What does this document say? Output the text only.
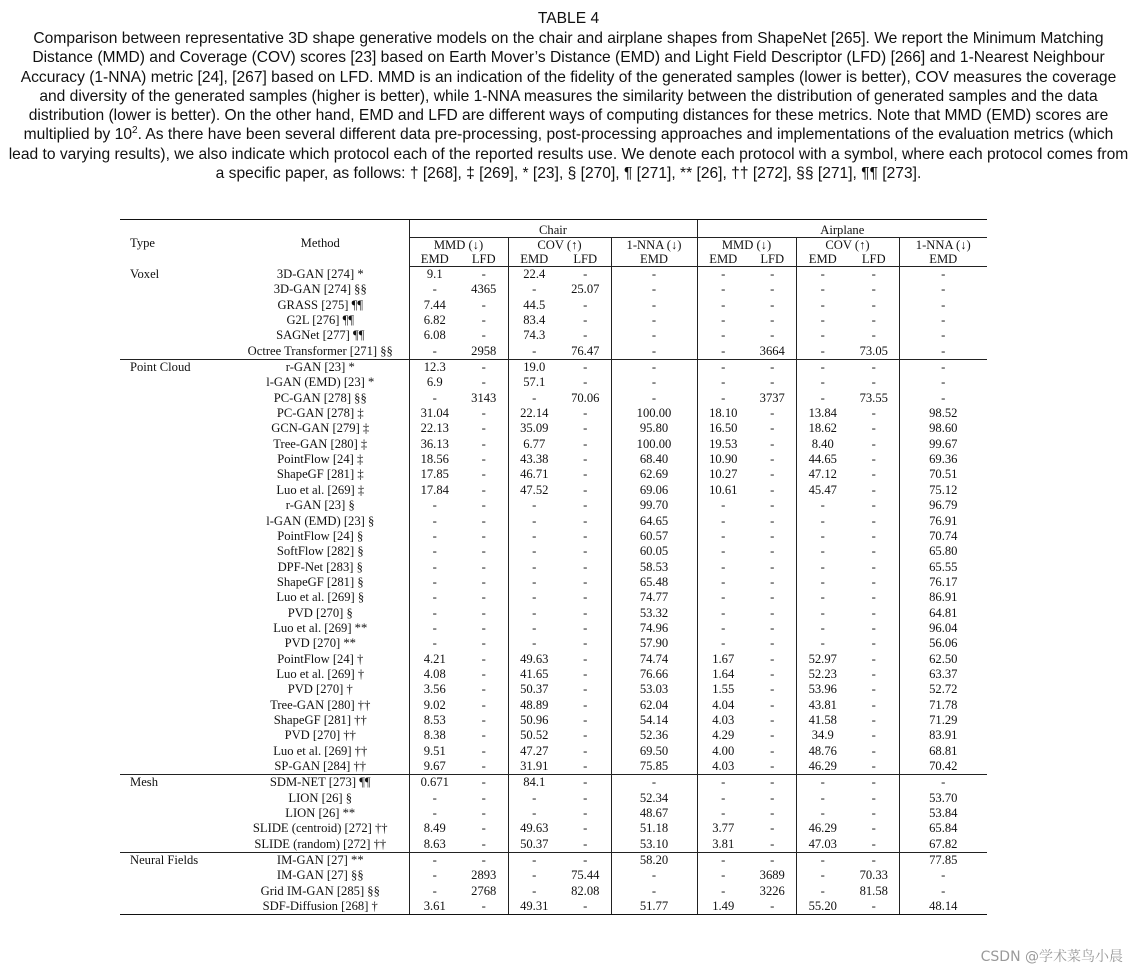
TABLE 4
Comparison between representative 3D shape generative models on the chair and airplane shapes from ShapeNet [265]. We report the Minimum Matching Distance (MMD) and Coverage (COV) scores [23] based on Earth Mover’s Distance (EMD) and Light Field Descriptor (LFD) [266] and 1-Nearest Neighbour Accuracy (1-NNA) metric [24], [267] based on LFD. MMD is an indication of the fidelity of the generated samples (lower is better), COV measures the coverage and diversity of the generated samples (higher is better), while 1-NNA measures the similarity between the distribution of generated samples and the data distribution (lower is better). On the other hand, EMD and LFD are different ways of computing distances for these metrics. Note that MMD (EMD) scores are multiplied by $10^2$. As there have been several different data pre-processing, post-processing approaches and implementations of the evaluation metrics (which lead to varying results), we also indicate which protocol each of the reported results use. We denote each protocol with a symbol, where each protocol comes from a specific paper, as follows: † [268], ‡ [269], * [23], § [270], ¶ [271], ** [26], †† [272], §§ [271], ¶¶ [273].
Type	Method	Chair					Airplane				
		MMD (↓)		COV (↑)		1-NNA (↓)	MMD (↓)		COV (↑)		1-NNA (↓)
		EMD	LFD	EMD	LFD	EMD	EMD	LFD	EMD	LFD	EMD
Voxel	3D-GAN [274] *	9.1	-	22.4	-	-	-	-	-	-	-
	3D-GAN [274] §§	-	4365	-	25.07	-	-	-	-	-	-
	GRASS [275] ¶¶	7.44	-	44.5	-	-	-	-	-	-	-
	G2L [276] ¶¶	6.82	-	83.4	-	-	-	-	-	-	-
	SAGNet [277] ¶¶	6.08	-	74.3	-	-	-	-	-	-	-
	Octree Transformer [271] §§	-	2958	-	76.47	-	-	3664	-	73.05	-
Point Cloud	r-GAN [23] *	12.3	-	19.0	-	-	-	-	-	-	-
	l-GAN (EMD) [23] *	6.9	-	57.1	-	-	-	-	-	-	-
	PC-GAN [278] §§	-	3143	-	70.06	-	-	3737	-	73.55	-
	PC-GAN [278] ‡	31.04	-	22.14	-	100.00	18.10	-	13.84	-	98.52
	GCN-GAN [279] ‡	22.13	-	35.09	-	95.80	16.50	-	18.62	-	98.60
	Tree-GAN [280] ‡	36.13	-	6.77	-	100.00	19.53	-	8.40	-	99.67
	PointFlow [24] ‡	18.56	-	43.38	-	68.40	10.90	-	44.65	-	69.36
	ShapeGF [281] ‡	17.85	-	46.71	-	62.69	10.27	-	47.12	-	70.51
	Luo et al. [269] ‡	17.84	-	47.52	-	69.06	10.61	-	45.47	-	75.12
	r-GAN [23] §	-	-	-	-	99.70	-	-	-	-	96.79
	l-GAN (EMD) [23] §	-	-	-	-	64.65	-	-	-	-	76.91
	PointFlow [24] §	-	-	-	-	60.57	-	-	-	-	70.74
	SoftFlow [282] §	-	-	-	-	60.05	-	-	-	-	65.80
	DPF-Net [283] §	-	-	-	-	58.53	-	-	-	-	65.55
	ShapeGF [281] §	-	-	-	-	65.48	-	-	-	-	76.17
	Luo et al. [269] §	-	-	-	-	74.77	-	-	-	-	86.91
	PVD [270] §	-	-	-	-	53.32	-	-	-	-	64.81
	Luo et al. [269] **	-	-	-	-	74.96	-	-	-	-	96.04
	PVD [270] **	-	-	-	-	57.90	-	-	-	-	56.06
	PointFlow [24] †	4.21	-	49.63	-	74.74	1.67	-	52.97	-	62.50
	Luo et al. [269] †	4.08	-	41.65	-	76.66	1.64	-	52.23	-	63.37
	PVD [270] †	3.56	-	50.37	-	53.03	1.55	-	53.96	-	52.72
	Tree-GAN [280] ††	9.02	-	48.89	-	62.04	4.04	-	43.81	-	71.78
	ShapeGF [281] ††	8.53	-	50.96	-	54.14	4.03	-	41.58	-	71.29
	PVD [270] ††	8.38	-	50.52	-	52.36	4.29	-	34.9	-	83.91
	Luo et al. [269] ††	9.51	-	47.27	-	69.50	4.00	-	48.76	-	68.81
	SP-GAN [284] ††	9.67	-	31.91	-	75.85	4.03	-	46.29	-	70.42
Mesh	SDM-NET [273] ¶¶	0.671	-	84.1	-	-	-	-	-	-	-
	LION [26] §	-	-	-	-	52.34	-	-	-	-	53.70
	LION [26] **	-	-	-	-	48.67	-	-	-	-	53.84
	SLIDE (centroid) [272] ††	8.49	-	49.63	-	51.18	3.77	-	46.29	-	65.84
	SLIDE (random) [272] ††	8.63	-	50.37	-	53.10	3.81	-	47.03	-	67.82
Neural Fields	IM-GAN [27] **	-	-	-	-	58.20	-	-	-	-	77.85
	IM-GAN [27] §§	-	2893	-	75.44	-	-	3689	-	70.33	-
	Grid IM-GAN [285] §§	-	2768	-	82.08	-	-	3226	-	81.58	-
	SDF-Diffusion [268] †	3.61	-	49.31	-	51.77	1.49	-	55.20	-	48.14
CSDN @学术菜鸟小晨
